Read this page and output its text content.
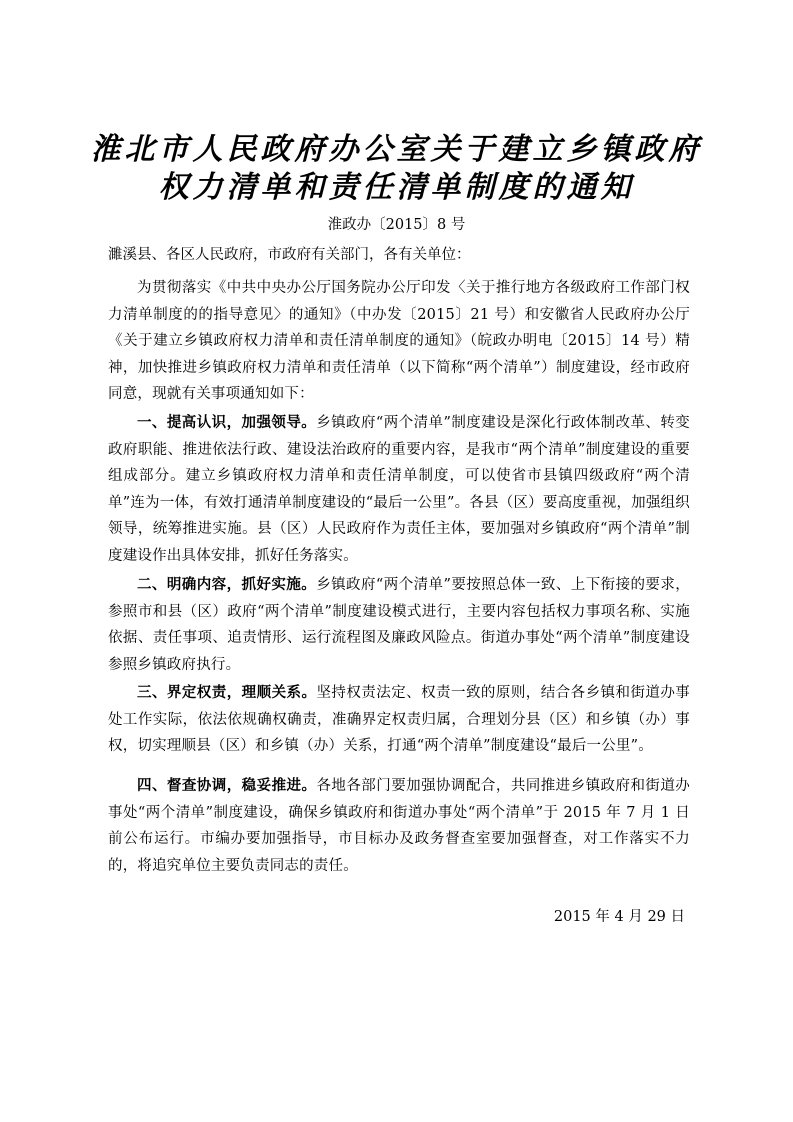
淮北市人民政府办公室关于建立乡镇政府
权力清单和责任清单制度的通知
淮政办〔2015〕8 号
濉溪县、各区人民政府，市政府有关部门，各有关单位：

为贯彻落实《中共中央办公厅国务院办公厅印发〈关于推行地方各级政府工作部门权力清单制度的的指导意见〉的通知》（中办发〔2015〕21 号）和安徽省人民政府办公厅《关于建立乡镇政府权力清单和责任清单制度的通知》（皖政办明电〔2015〕14 号）精神，加快推进乡镇政府权力清单和责任清单（以下简称“两个清单”）制度建设，经市政府同意，现就有关事项通知如下：

一、提高认识，加强领导。乡镇政府“两个清单”制度建设是深化行政体制改革、转变政府职能、推进依法行政、建设法治政府的重要内容，是我市“两个清单”制度建设的重要组成部分。建立乡镇政府权力清单和责任清单制度，可以使省市县镇四级政府“两个清单”连为一体，有效打通清单制度建设的“最后一公里”。各县（区）要高度重视，加强组织领导，统筹推进实施。县（区）人民政府作为责任主体，要加强对乡镇政府“两个清单”制度建设作出具体安排，抓好任务落实。

二、明确内容，抓好实施。乡镇政府“两个清单”要按照总体一致、上下衔接的要求，参照市和县（区）政府“两个清单”制度建设模式进行，主要内容包括权力事项名称、实施依据、责任事项、追责情形、运行流程图及廉政风险点。街道办事处“两个清单”制度建设参照乡镇政府执行。

三、界定权责，理顺关系。坚持权责法定、权责一致的原则，结合各乡镇和街道办事处工作实际，依法依规确权确责，准确界定权责归属，合理划分县（区）和乡镇（办）事权，切实理顺县（区）和乡镇（办）关系，打通“两个清单”制度建设“最后一公里”。

四、督查协调，稳妥推进。各地各部门要加强协调配合，共同推进乡镇政府和街道办事处“两个清单”制度建设，确保乡镇政府和街道办事处“两个清单”于 2015 年 7 月 1 日前公布运行。市编办要加强指导，市目标办及政务督查室要加强督查，对工作落实不力的，将追究单位主要负责同志的责任。

2015 年 4 月 29 日
